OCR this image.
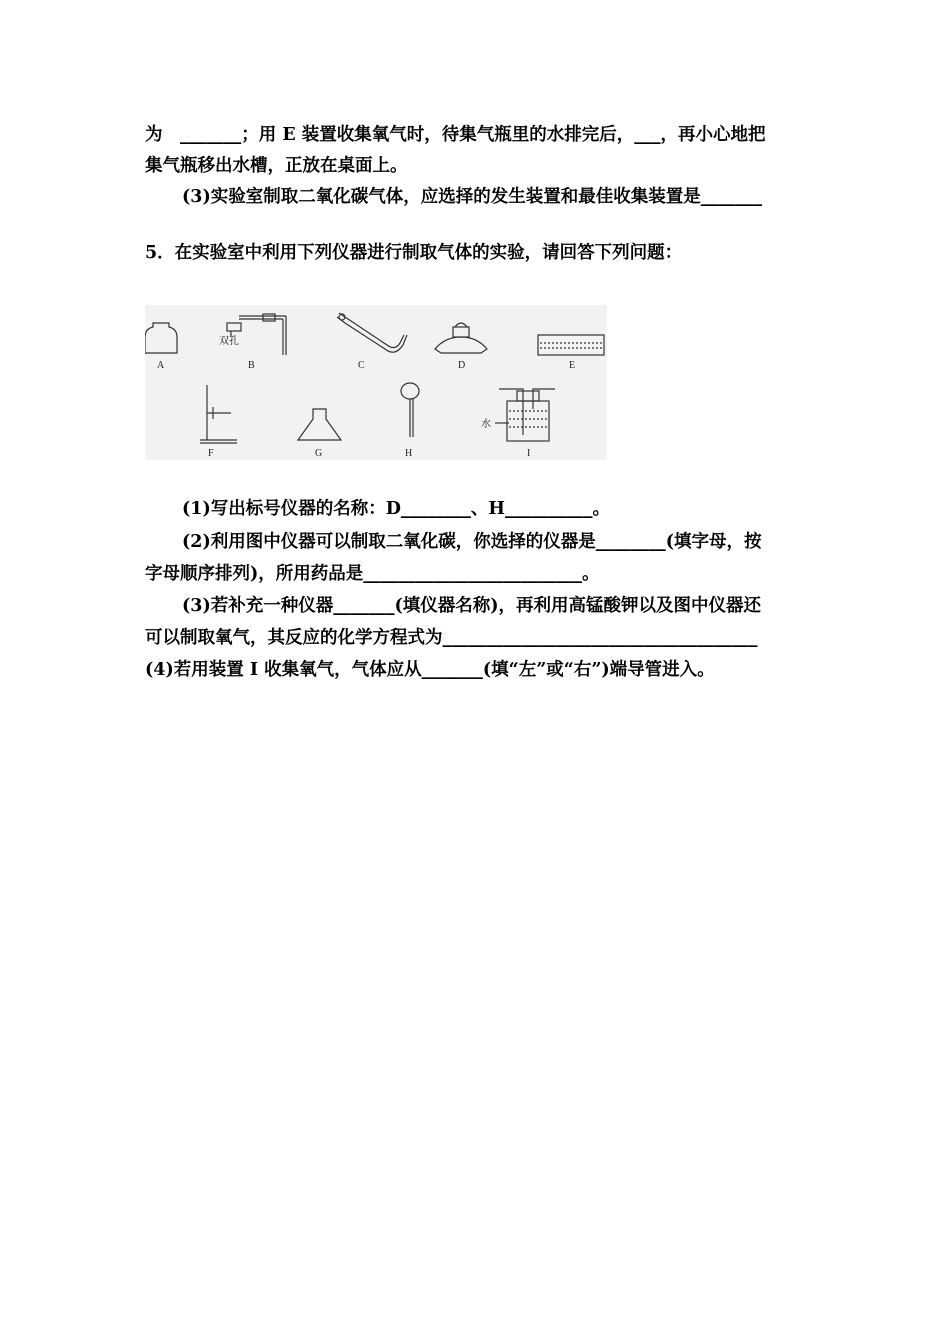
为　_______；用 E 装置收集氧气时，待集气瓶里的水排完后，___，再小心地把
集气瓶移出水槽，正放在桌面上。
(3)实验室制取二氧化碳气体，应选择的发生装置和最佳收集装置是_______
5．在实验室中利用下列仪器进行制取气体的实验，请回答下列问题：
A	B	C	D	E
F	G	H	I
双孔
水
(1)写出标号仪器的名称：D________、H__________。
(2)利用图中仪器可以制取二氧化碳，你选择的仪器是________(填字母，按
字母顺序排列)，所用药品是_________________________。
(3)若补充一种仪器_______(填仪器名称)，再利用高锰酸钾以及图中仪器还
可以制取氧气，其反应的化学方程式为____________________________________
(4)若用装置 I 收集氧气，气体应从_______(填“左”或“右”)端导管进入。
